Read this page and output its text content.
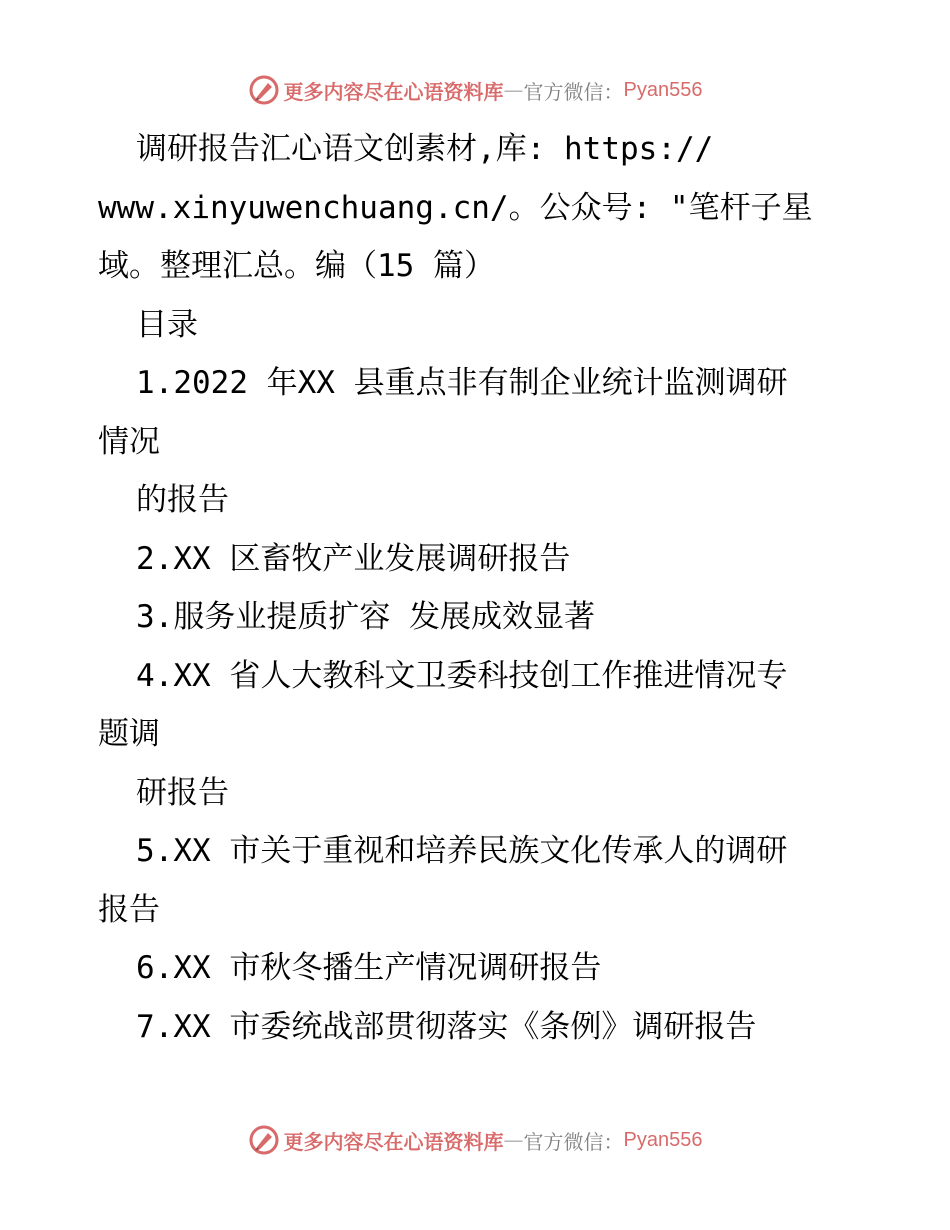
更多内容尽在心语资料库 — 官方微信： Pyan556
调研报告汇心语文创素材,库: https://
www.xinyuwenchuang.cn/。公众号: "笔杆子星
域。整理汇总。编（15 篇）
目录
1.2022 年XX 县重点非有制企业统计监测调研
情况
的报告
2.XX 区畜牧产业发展调研报告
3.服务业提质扩容 发展成效显著
4.XX 省人大教科文卫委科技创工作推进情况专
题调
研报告
5.XX 市关于重视和培养民族文化传承人的调研
报告
6.XX 市秋冬播生产情况调研报告
7.XX 市委统战部贯彻落实《条例》调研报告
更多内容尽在心语资料库 — 官方微信： Pyan556
